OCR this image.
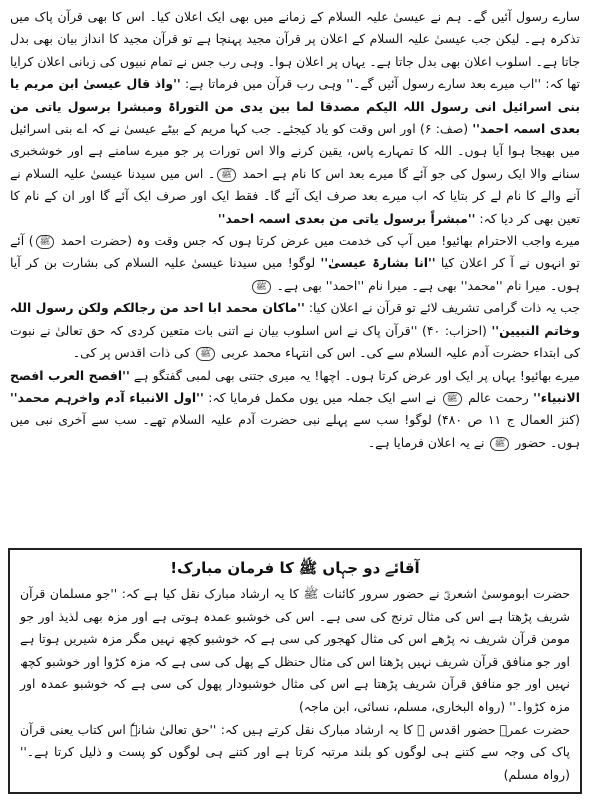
سارے رسول آئیں گے۔ ہم نے عیسیٰ علیہ السلام کے زمانے میں بھی ایک اعلان کیا۔ اس کا بھی قرآن پاک میں تذکرہ ہے۔ لیکن جب عیسیٰ علیہ السلام کے اعلان پر قرآن مجید پہنچا ہے تو قرآن مجید کا انداز بیان بھی بدل جاتا ہے۔ اسلوب اعلان بھی بدل جاتا ہے۔ یہاں پر اعلان ہوا۔ وہی رب جس نے تمام نبیوں کی زبانی اعلان کرایا تھا کہ: ''اب میرے بعد سارے رسول آئیں گے۔'' وہی رب قرآن میں فرماتا ہے: ''واذ قال عیسیٰ ابن مریم یا بنی اسرائیل انی رسول اللہ الیکم مصدقا لما بین یدی من التوراۃ ومبشرا برسول یاتی من بعدی اسمہ احمد'' (صف: ۶) اور اس وقت کو یاد کیجئے۔ جب کہا مریم کے بیٹے عیسیٰ نے کہ اے بنی اسرائیل میں بھیجا ہوا آیا ہوں۔ اللہ کا تمہارے پاس، یقین کرنے والا اس تورات پر جو میرے سامنے ہے اور خوشخبری سنانے والا ایک رسول کی جو آئے گا میرے بعد اس کا نام ہے احمد ﷺ۔ اس میں سیدنا عیسیٰ علیہ السلام نے آنے والے کا نام لے کر بتایا کہ اب میرے بعد صرف ایک آئے گا۔ فقط ایک اور صرف ایک آئے گا اور ان کے نام کا تعین بھی کر دیا کہ: ''مبشراً برسول یاتی من بعدی اسمہ احمد''

میرے واجب الاحترام بھائیو! میں آپ کی خدمت میں عرض کرتا ہوں کہ جس وقت وہ (حضرت احمد ﷺ) آئے تو انہوں نے آ کر اعلان کیا ''انا بشارۃ عیسیٰ'' لوگو! میں سیدنا عیسیٰ علیہ السلام کی بشارت بن کر آیا ہوں۔ میرا نام ''محمد'' بھی ہے۔ میرا نام ''احمد'' بھی ہے۔ ﷺ

جب یہ ذات گرامی تشریف لائے تو قرآن نے اعلان کیا: ''ماکان محمد ابا احد من رجالکم ولکن رسول اللہ وخاتم النبیین'' (احزاب: ۴۰) ''قرآن پاک نے اس اسلوب بیان نے اتنی بات متعین کردی کہ حق تعالیٰ نے نبوت کی ابتداء حضرت آدم علیہ السلام سے کی۔ اس کی انتہاء محمد عربی ﷺ کی ذات اقدس پر کی۔

میرے بھائیو! یہاں پر ایک اور عرض کرتا ہوں۔ اچھا! یہ میری جتنی بھی لمبی گفتگو ہے ''افصح العرب افصح الانبیاء'' رحمت عالم ﷺ نے اسے ایک جملہ میں یوں مکمل فرمایا کہ: ''اول الانبیاء آدم واخرہم محمد'' (کنز العمال ج ۱۱ ص ۴۸۰) لوگو! سب سے پہلے نبی حضرت آدم علیہ السلام تھے۔ سب سے آخری نبی میں ہوں۔ حضور ﷺ نے یہ اعلان فرمایا ہے۔

آقائے دو جہاں ﷺ کا فرمان مبارک!

حضرت ابوموسیٰ اشعریؓ نے حضور سرور کائنات ﷺ کا یہ ارشاد مبارک نقل کیا ہے کہ: ''جو مسلمان قرآن شریف پڑھتا ہے اس کی مثال ترنج کی سی ہے۔ اس کی خوشبو عمدہ ہوتی ہے اور مزہ بھی لذیذ اور جو مومن قرآن شریف نہ پڑھے اس کی مثال کھجور کی سی ہے کہ خوشبو کچھ نہیں مگر مزہ شیریں ہوتا ہے اور جو منافق قرآن شریف نہیں پڑھتا اس کی مثال حنظل کے پھل کی سی ہے کہ مزہ کڑوا اور خوشبو کچھ نہیں اور جو منافق قرآن شریف پڑھتا ہے اس کی مثال خوشبودار پھول کی سی ہے کہ خوشبو عمدہ اور مزہ کڑوا۔'' (رواہ البخاری، مسلم، نسائی، ابن ماجہ)

حضرت عمرؓ حضور اقدس ﷺ کا یہ ارشاد مبارک نقل کرتے ہیں کہ: ''حق تعالیٰ شانہٗ اس کتاب یعنی قرآن پاک کی وجہ سے کتنے ہی لوگوں کو بلند مرتبہ کرتا ہے اور کتنے ہی لوگوں کو پست و ذلیل کرتا ہے۔'' (رواہ مسلم)
